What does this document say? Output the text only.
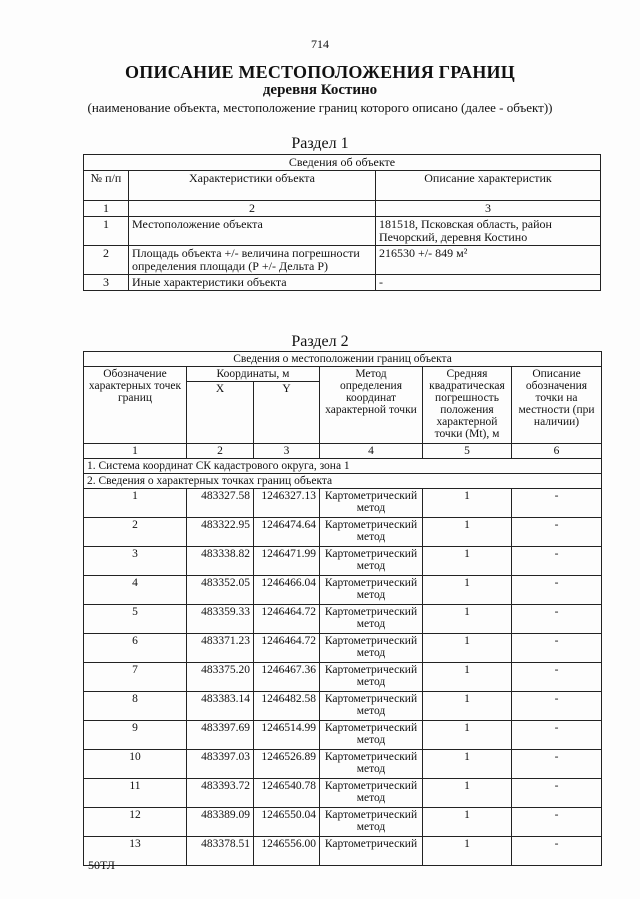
714
ОПИСАНИЕ МЕСТОПОЛОЖЕНИЯ ГРАНИЦ
деревня Костино
(наименование объекта, местоположение границ которого описано (далее - объект))
Раздел 1
Сведения об объекте		
№ п/п	Характеристики объекта	Описание характеристик
1	2	3
1	Местоположение объекта	181518, Псковская область, район Печорский, деревня Костино
2	Площадь объекта +/- величина погрешности определения площади (Р +/- Дельта Р)	216530 +/- 849 м²
3	Иные характеристики объекта	-
Раздел 2
Сведения о местоположении границ объекта					
Обозначение характерных точек границ	Координаты, м		Метод определения координат характерной точки	Средняя квадратическая погрешность положения характерной точки (Mt), м	Описание обозначения точки на местности (при наличии)
	X	Y			
1	2	3	4	5	6
1. Система координат СК кадастрового округа, зона 1					
2. Сведения о характерных точках границ объекта					
1	483327.58	1246327.13	Картометрический метод	1	-
2	483322.95	1246474.64	Картометрический метод	1	-
3	483338.82	1246471.99	Картометрический метод	1	-
4	483352.05	1246466.04	Картометрический метод	1	-
5	483359.33	1246464.72	Картометрический метод	1	-
6	483371.23	1246464.72	Картометрический метод	1	-
7	483375.20	1246467.36	Картометрический метод	1	-
8	483383.14	1246482.58	Картометрический метод	1	-
9	483397.69	1246514.99	Картометрический метод	1	-
10	483397.03	1246526.89	Картометрический метод	1	-
11	483393.72	1246540.78	Картометрический метод	1	-
12	483389.09	1246550.04	Картометрический метод	1	-
13	483378.51	1246556.00	Картометрический	1	-
50ТЛ
